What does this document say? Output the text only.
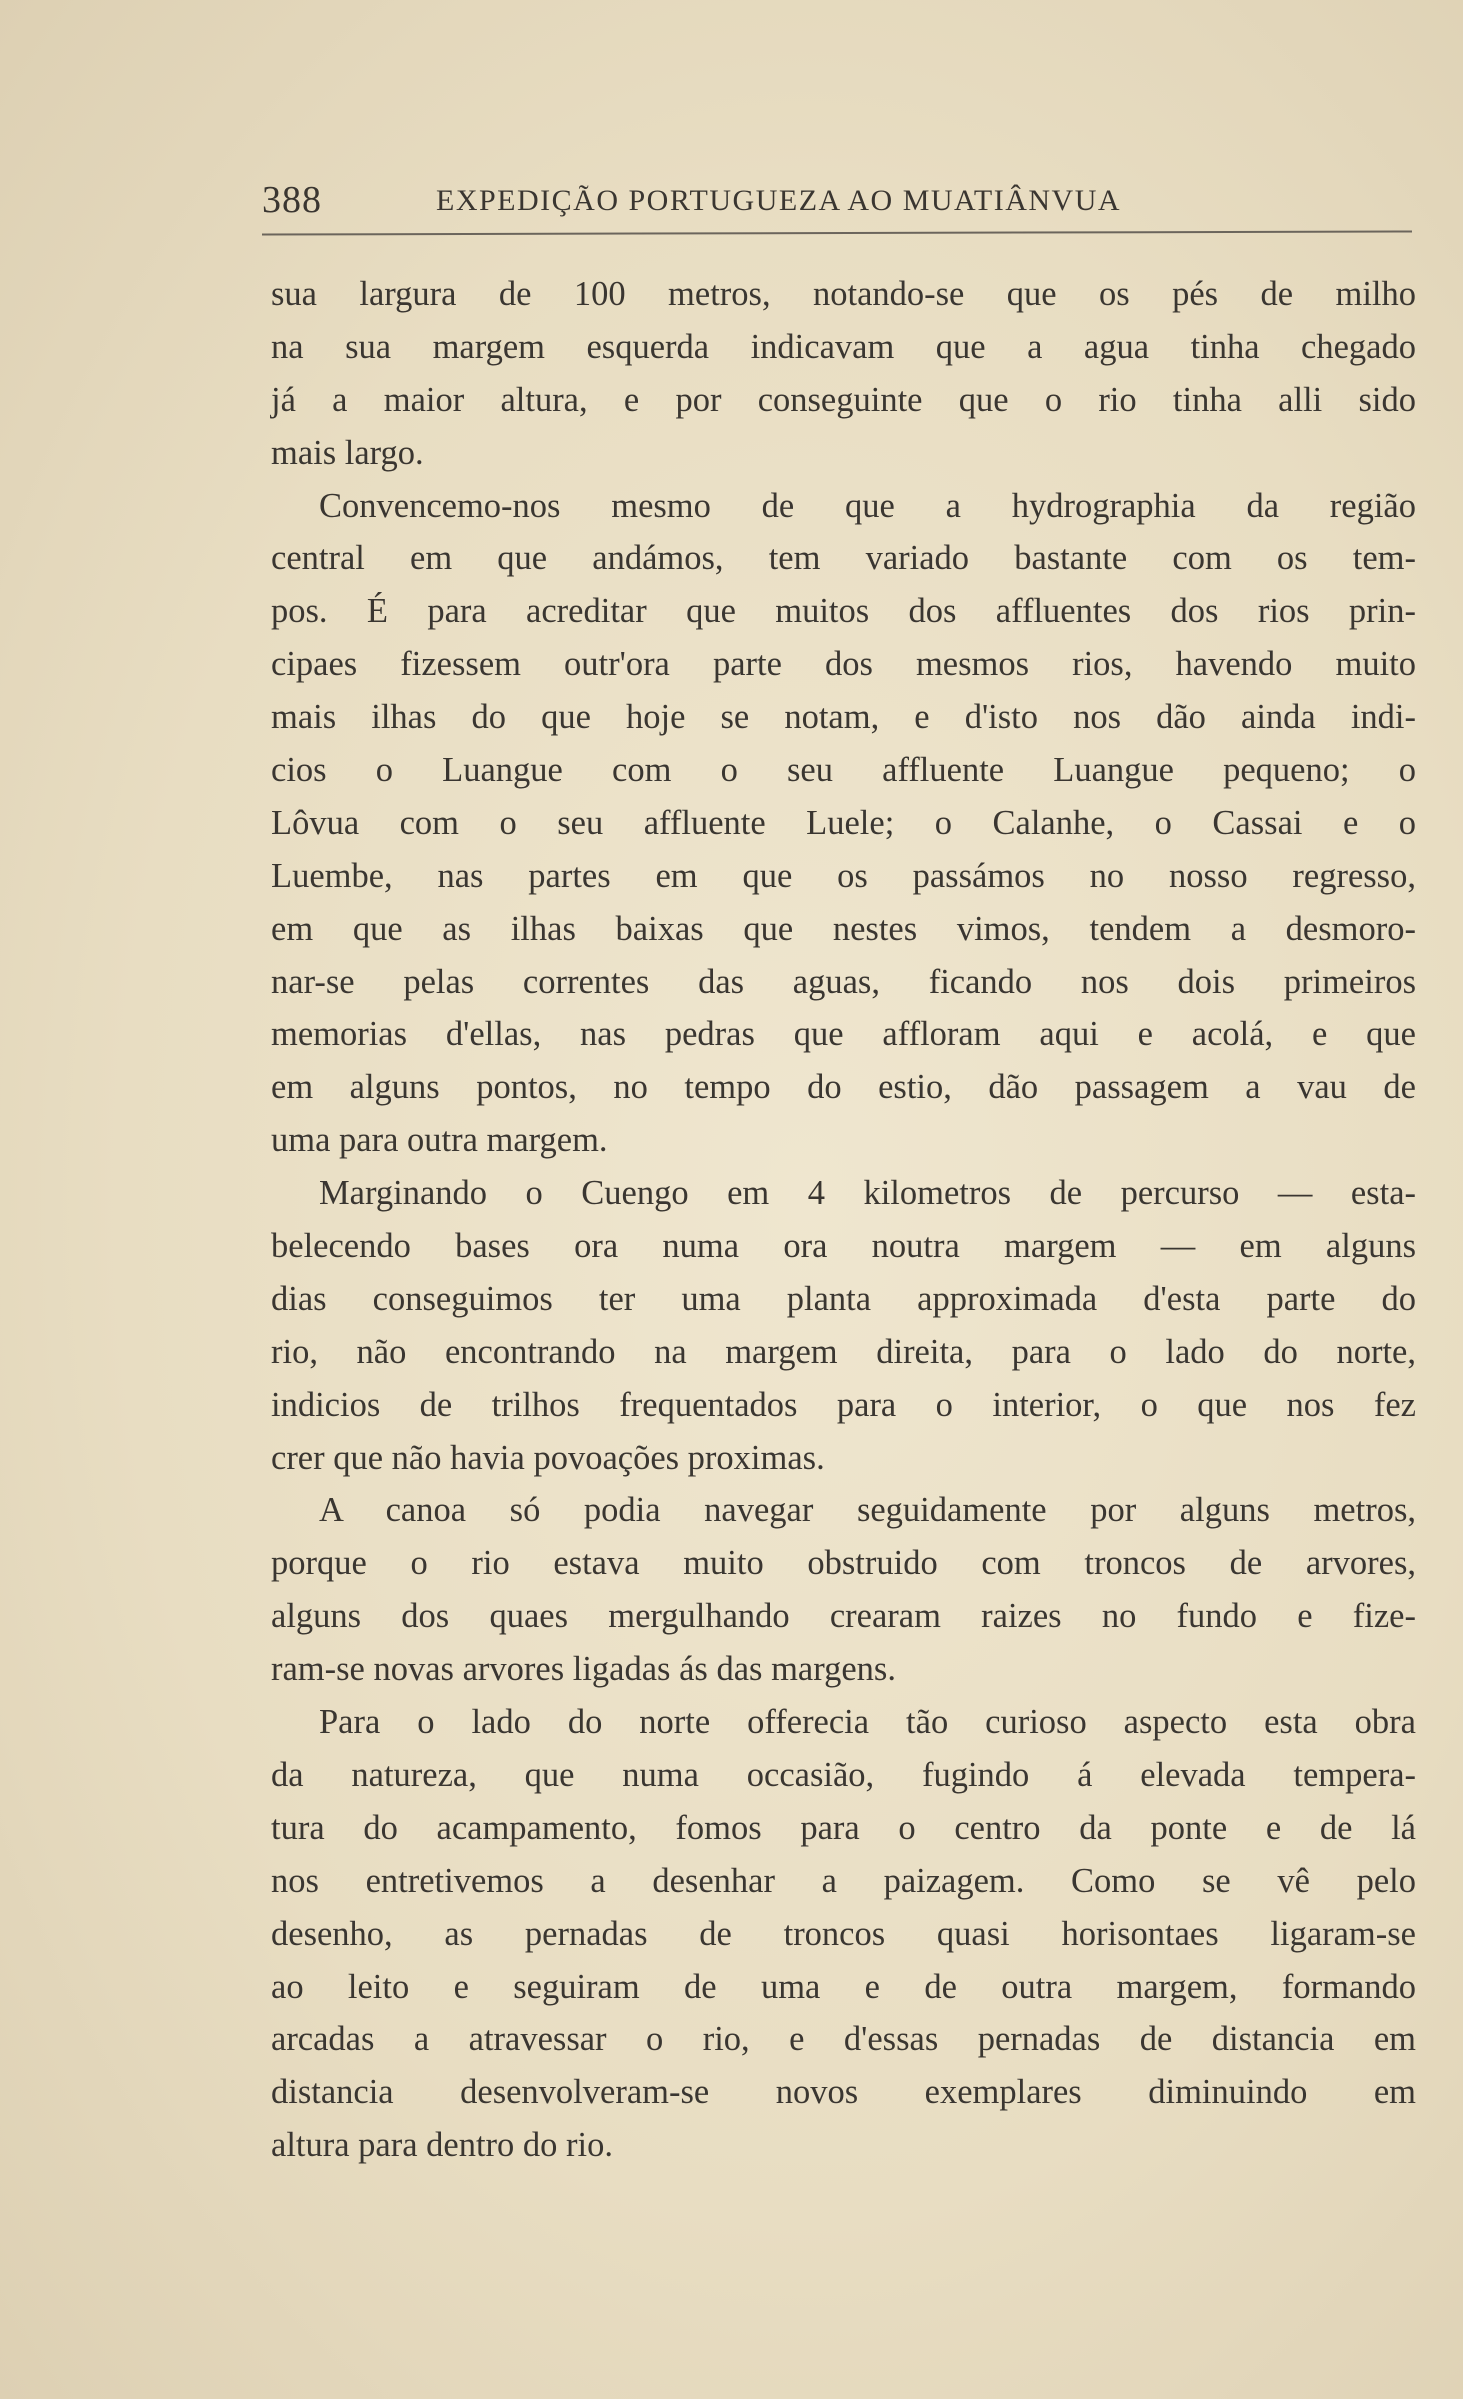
388	EXPEDIÇÃO PORTUGUEZA AO MUATIÂNVUA
sua largura de 100 metros, notando-se que os pés de milho
na sua margem esquerda indicavam que a agua tinha chegado
já a maior altura, e por conseguinte que o rio tinha alli sido
mais largo.
Convencemo-nos mesmo de que a hydrographia da região
central em que andámos, tem variado bastante com os tem-
pos. É para acreditar que muitos dos affluentes dos rios prin-
cipaes fizessem outr'ora parte dos mesmos rios, havendo muito
mais ilhas do que hoje se notam, e d'isto nos dão ainda indi-
cios o Luangue com o seu affluente Luangue pequeno; o
Lôvua com o seu affluente Luele; o Calanhe, o Cassai e o
Luembe, nas partes em que os passámos no nosso regresso,
em que as ilhas baixas que nestes vimos, tendem a desmoro-
nar-se pelas correntes das aguas, ficando nos dois primeiros
memorias d'ellas, nas pedras que affloram aqui e acolá, e que
em alguns pontos, no tempo do estio, dão passagem a vau de
uma para outra margem.
Marginando o Cuengo em 4 kilometros de percurso — esta-
belecendo bases ora numa ora noutra margem — em alguns
dias conseguimos ter uma planta approximada d'esta parte do
rio, não encontrando na margem direita, para o lado do norte,
indicios de trilhos frequentados para o interior, o que nos fez
crer que não havia povoações proximas.
A canoa só podia navegar seguidamente por alguns metros,
porque o rio estava muito obstruido com troncos de arvores,
alguns dos quaes mergulhando crearam raizes no fundo e fize-
ram-se novas arvores ligadas ás das margens.
Para o lado do norte offerecia tão curioso aspecto esta obra
da natureza, que numa occasião, fugindo á elevada tempera-
tura do acampamento, fomos para o centro da ponte e de lá
nos entretivemos a desenhar a paizagem. Como se vê pelo
desenho, as pernadas de troncos quasi horisontaes ligaram-se
ao leito e seguiram de uma e de outra margem, formando
arcadas a atravessar o rio, e d'essas pernadas de distancia em
distancia desenvolveram-se novos exemplares diminuindo em
altura para dentro do rio.
